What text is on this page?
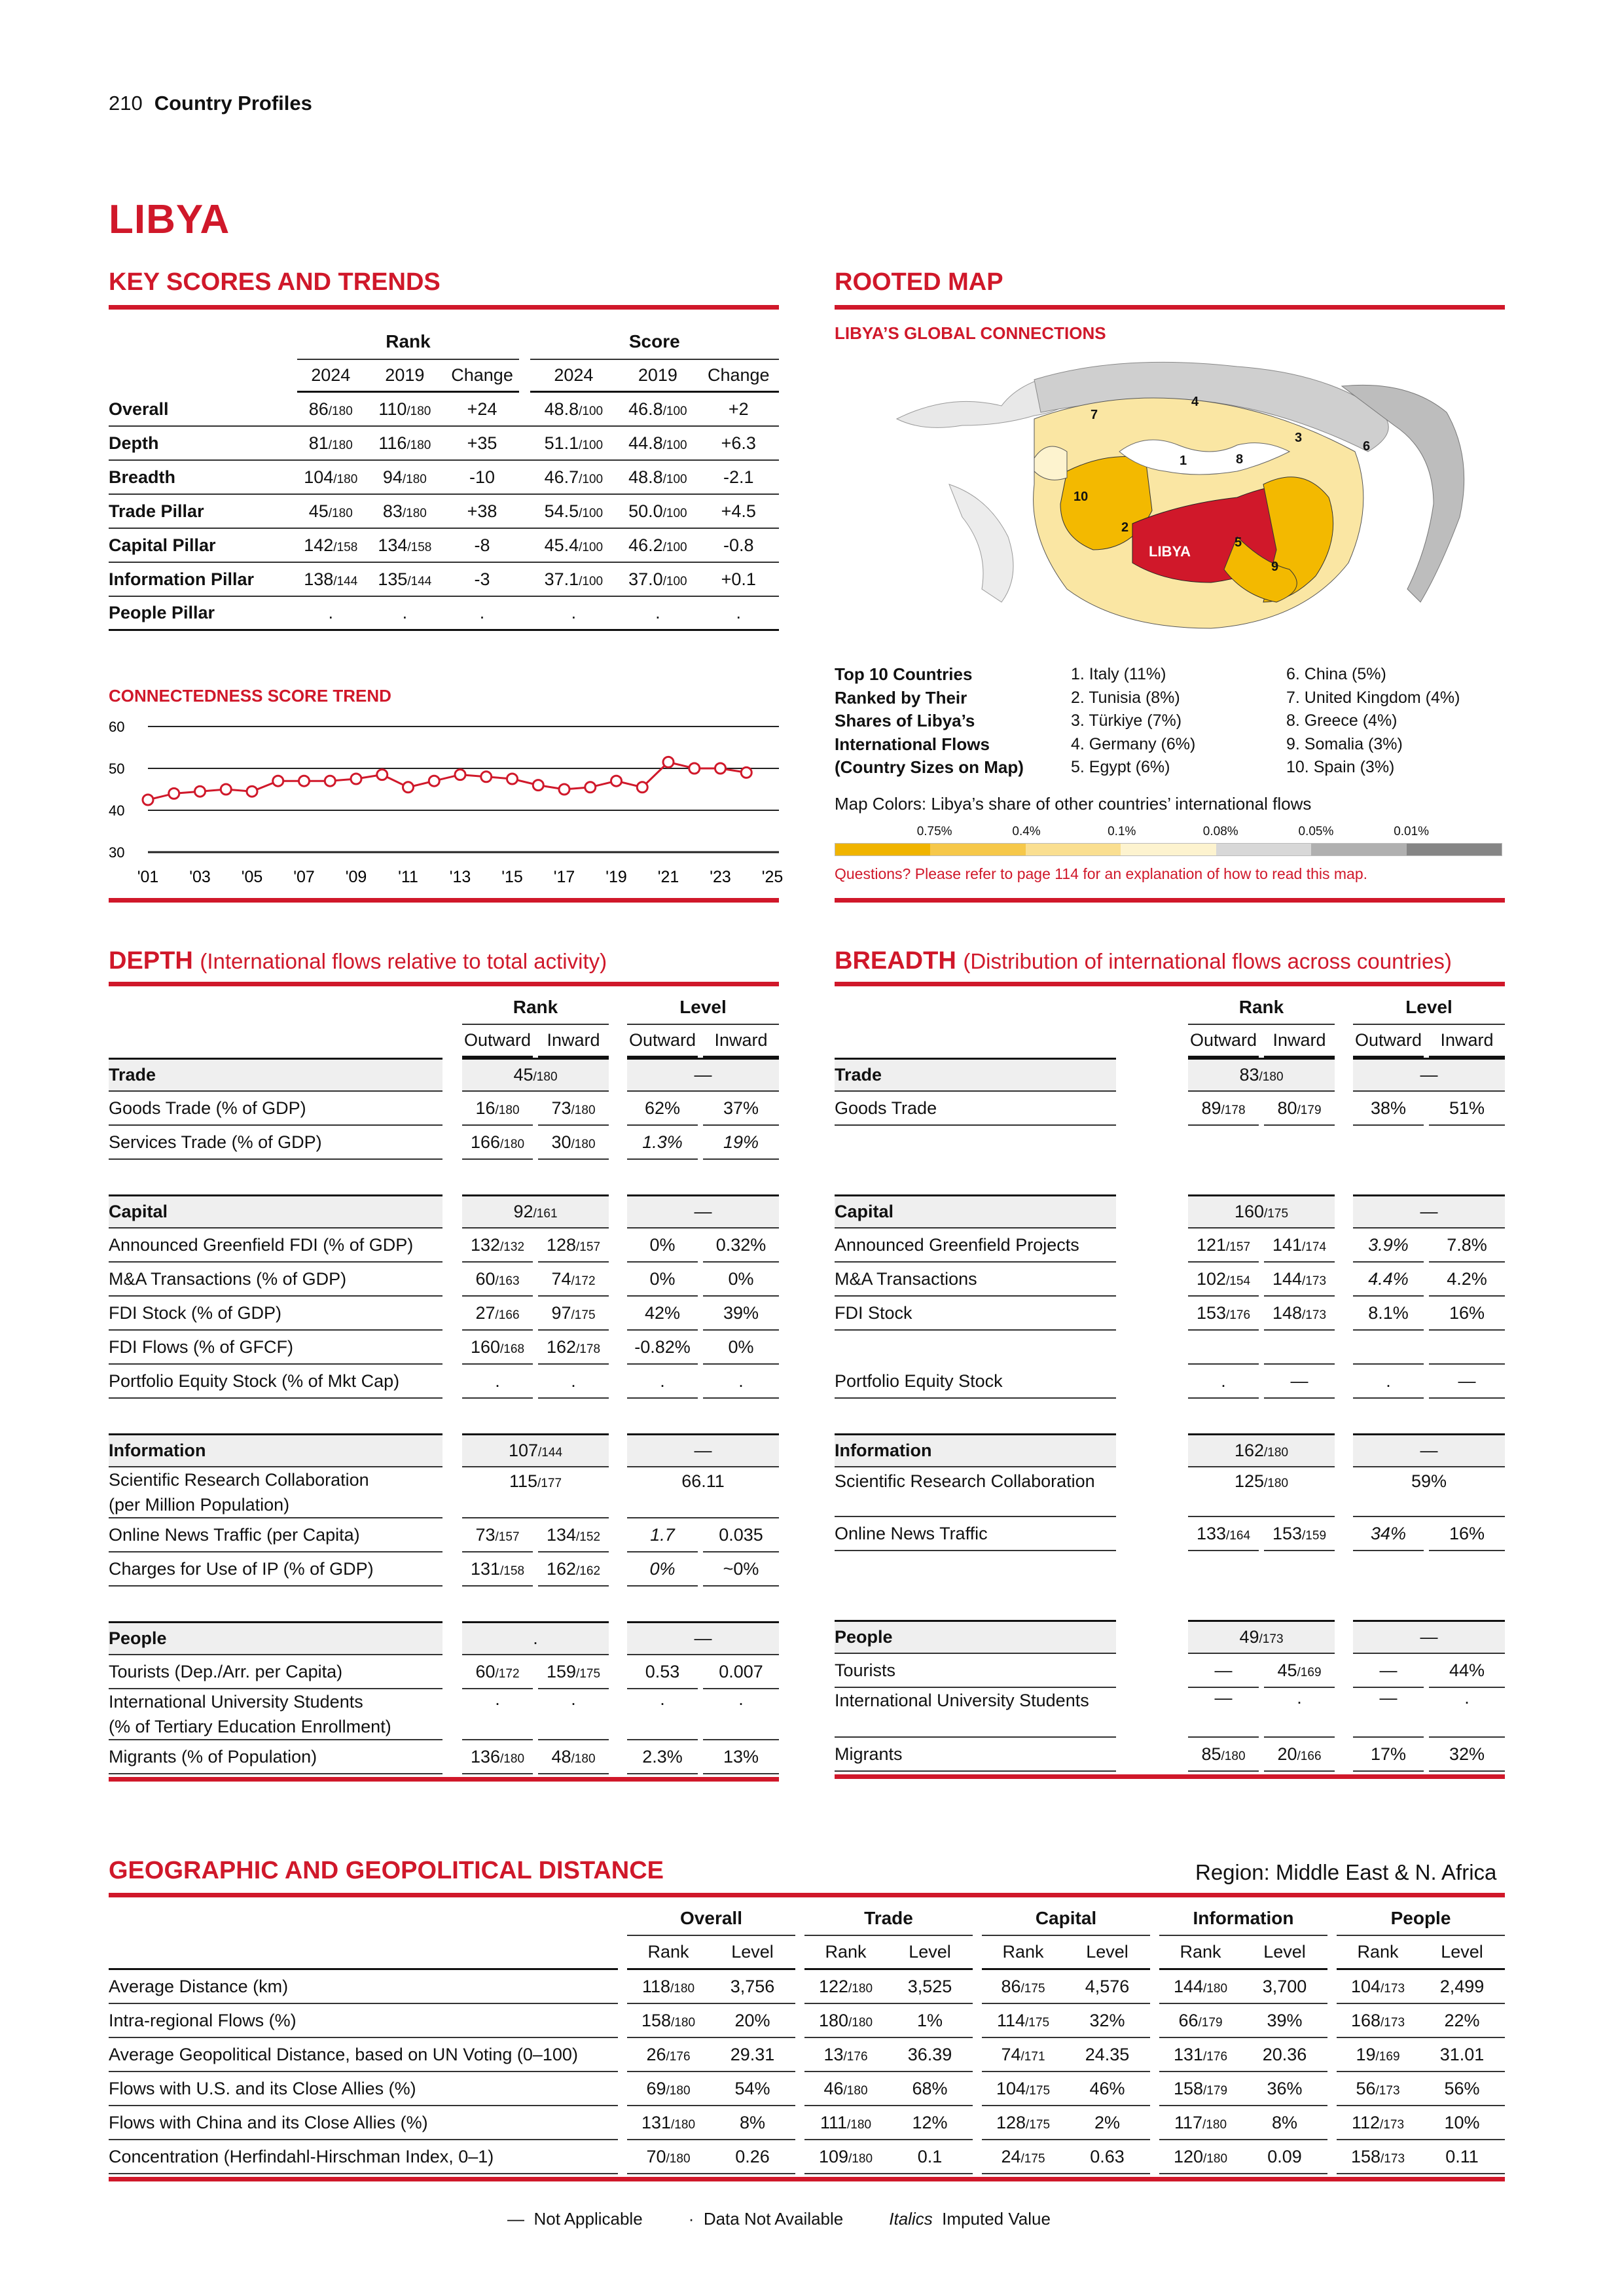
210 Country Profiles
LIBYA
KEY SCORES AND TRENDS
	Rank				Score		
	2024	2019	Change		2024	2019	Change
Overall	86/180	110/180	+24		48.8/100	46.8/100	+2
Depth	81/180	116/180	+35		51.1/100	44.8/100	+6.3
Breadth	104/180	94/180	-10		46.7/100	48.8/100	-2.1
Trade Pillar	45/180	83/180	+38		54.5/100	50.0/100	+4.5
Capital Pillar	142/158	134/158	-8		45.4/100	46.2/100	-0.8
Information Pillar	138/144	135/144	-3		37.1/100	37.0/100	+0.1
People Pillar	.	.	.		.	.	.
CONNECTEDNESS SCORE TREND
60
50
40
30
'01 '03 '05 '07 '09 '11 '13 '15 '17 '19 '21 '23 '25
ROOTED MAP
LIBYA’S GLOBAL CONNECTIONS
LIBYA
1
2
3
4
5
6
7
8
9
10
Top 10 Countries
Ranked by Their
Shares of Libya’s
International Flows
(Country Sizes on Map)
1. Italy (11%)
2. Tunisia (8%)
3. Türkiye (7%)
4. Germany (6%)
5. Egypt (6%)
6. China (5%)
7. United Kingdom (4%)
8. Greece (4%)
9. Somalia (3%)
10. Spain (3%)
Map Colors: Libya’s share of other countries’ international flows
0.75%	0.4%	0.1%	0.08%	0.05%	0.01%
Questions? Please refer to page 114 for an explanation of how to read this map.
DEPTH (International flows relative to total activity)
		Rank				Level		
		Outward		Inward		Outward		Inward
Trade		45/180				—		
Goods Trade (% of GDP)		16/180		73/180		62%		37%
Services Trade (% of GDP)		166/180		30/180		1.3%		19%

Capital		92/161				—		
Announced Greenfield FDI (% of GDP)		132/132		128/157		0%		0.32%
M&A Transactions (% of GDP)		60/163		74/172		0%		0%
FDI Stock (% of GDP)		27/166		97/175		42%		39%
FDI Flows (% of GFCF)		160/168		162/178		-0.82%		0%
Portfolio Equity Stock (% of Mkt Cap)		.		.		.		.

Information		107/144				—		
Scientific Research Collaboration
(per Million Population)		115/177				66.11		
Online News Traffic (per Capita)		73/157		134/152		1.7		0.035
Charges for Use of IP (% of GDP)		131/158		162/162		0%		~0%

People		.				—		
Tourists (Dep./Arr. per Capita)		60/172		159/175		0.53		0.007
International University Students
(% of Tertiary Education Enrollment)		.		.		.		.
Migrants (% of Population)		136/180		48/180		2.3%		13%
BREADTH (Distribution of international flows across countries)
		Rank				Level		
		Outward		Inward		Outward		Inward
Trade		83/180				—		
Goods Trade		89/178		80/179		38%		51%

Capital		160/175				—		
Announced Greenfield Projects		121/157		141/174		3.9%		7.8%
M&A Transactions		102/154		144/173		4.4%		4.2%
FDI Stock		153/176		148/173		8.1%		16%

Portfolio Equity Stock		.		—		.		—

Information		162/180				—		
Scientific Research Collaboration		125/180				59%		
Online News Traffic		133/164		153/159		34%		16%

People		49/173				—		
Tourists		—		45/169		—		44%
International University Students		—		.		—		.
Migrants		85/180		20/166		17%		32%
GEOGRAPHIC AND GEOPOLITICAL DISTANCE	Region: Middle East & N. Africa
		Overall			Trade			Capital			Information			People	
		Rank	Level		Rank	Level		Rank	Level		Rank	Level		Rank	Level
Average Distance (km)		118/180	3,756		122/180	3,525		86/175	4,576		144/180	3,700		104/173	2,499
Intra-regional Flows (%)		158/180	20%		180/180	1%		114/175	32%		66/179	39%		168/173	22%
Average Geopolitical Distance, based on UN Voting (0–100)		26/176	29.31		13/176	36.39		74/171	24.35		131/176	20.36		19/169	31.01
Flows with U.S. and its Close Allies (%)		69/180	54%		46/180	68%		104/175	46%		158/179	36%		56/173	56%
Flows with China and its Close Allies (%)		131/180	8%		111/180	12%		128/175	2%		117/180	8%		112/173	10%
Concentration (Herfindahl-Hirschman Index, 0–1)		70/180	0.26		109/180	0.1		24/175	0.63		120/180	0.09		158/173	0.11
— Not Applicable	· Data Not Available	Italics Imputed Value
